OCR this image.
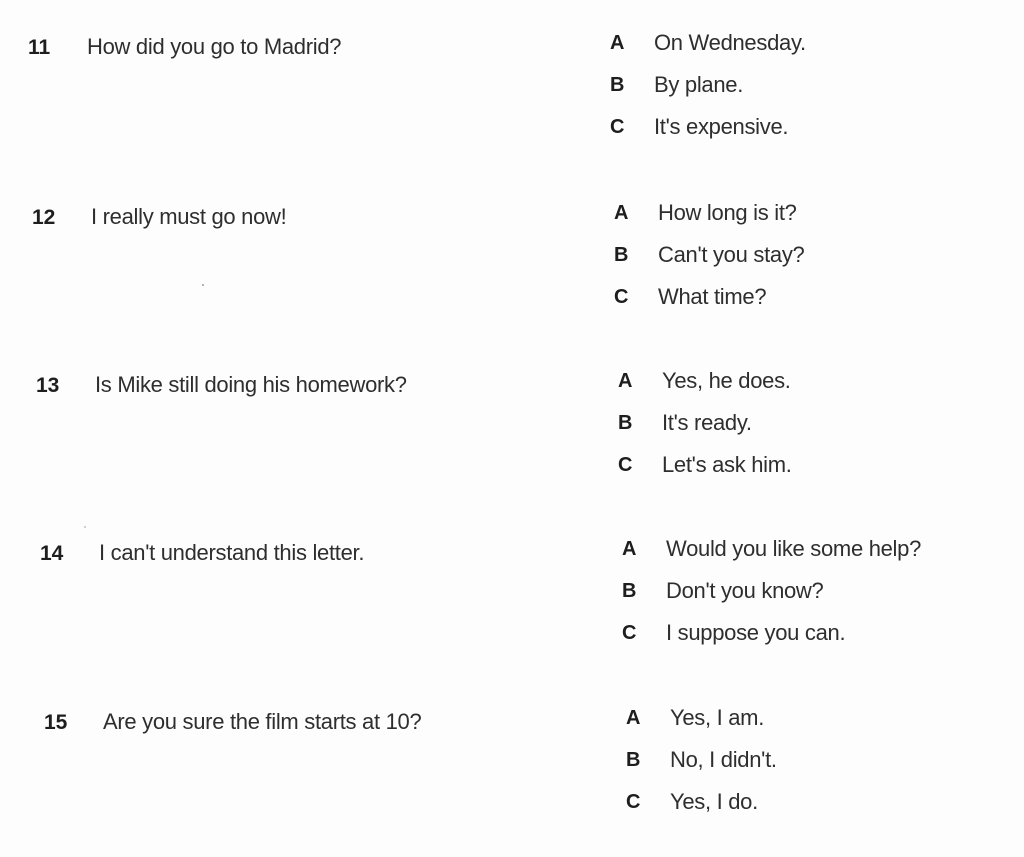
11 How did you go to Madrid?	A On Wednesday.
B By plane.
C It's expensive.
12 I really must go now!	A How long is it?
B Can't you stay?
C What time?
13 Is Mike still doing his homework?	A Yes, he does.
B It's ready.
C Let's ask him.
14 I can't understand this letter.	A Would you like some help?
B Don't you know?
C I suppose you can.
15 Are you sure the film starts at 10?	A Yes, I am.
B No, I didn't.
C Yes, I do.
